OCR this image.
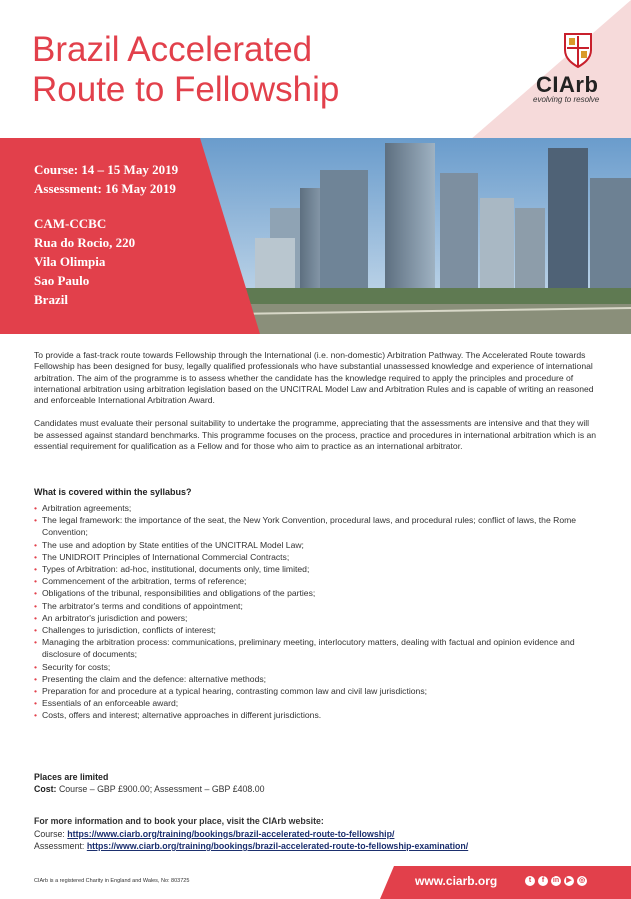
Brazil Accelerated
Route to Fellowship	CIArb
evolving to resolve
Course: 14 – 15 May 2019
Assessment: 16 May 2019
CAM-CCBC
Rua do Rocio, 220
Vila Olimpia
Sao Paulo
Brazil

To provide a fast-track route towards Fellowship through the International (i.e. non-domestic) Arbitration Pathway. The Accelerated Route towards Fellowship has been designed for busy, legally qualified professionals who have substantial unassessed knowledge and experience of international arbitration. The aim of the programme is to assess whether the candidate has the knowledge required to apply the principles and procedure of international arbitration using arbitration legislation based on the UNCITRAL Model Law and Arbitration Rules and is capable of writing an reasoned and enforceable International Arbitration Award.

Candidates must evaluate their personal suitability to undertake the programme, appreciating that the assessments are intensive and that they will be assessed against standard benchmarks. This programme focuses on the process, practice and procedures in international arbitration which is an essential requirement for qualification as a Fellow and for those who aim to practice as an international arbitrator.

What is covered within the syllabus?
• Arbitration agreements;
• The legal framework: the importance of the seat, the New York Convention, procedural laws, and procedural rules; conflict of laws, the Rome Convention;
• The use and adoption by State entities of the UNCITRAL Model Law;
• The UNIDROIT Principles of International Commercial Contracts;
• Types of Arbitration: ad-hoc, institutional, documents only, time limited;
• Commencement of the arbitration, terms of reference;
• Obligations of the tribunal, responsibilities and obligations of the parties;
• The arbitrator's terms and conditions of appointment;
• An arbitrator's jurisdiction and powers;
• Challenges to jurisdiction, conflicts of interest;
• Managing the arbitration process: communications, preliminary meeting, interlocutory matters, dealing with factual and opinion evidence and disclosure of documents;
• Security for costs;
• Presenting the claim and the defence: alternative methods;
• Preparation for and procedure at a typical hearing, contrasting common law and civil law jurisdictions;
• Essentials of an enforceable award;
• Costs, offers and interest; alternative approaches in different jurisdictions.
Places are limited
Cost: Course – GBP £900.00; Assessment – GBP £408.00
For more information and to book your place, visit the CIArb website:
Course: https://www.ciarb.org/training/bookings/brazil-accelerated-route-to-fellowship/
Assessment: https://www.ciarb.org/training/bookings/brazil-accelerated-route-to-fellowship-examination/
CIArb is a registered Charity in England and Wales, No: 803725	www.ciarb.org	t	f	in	▶	◎
